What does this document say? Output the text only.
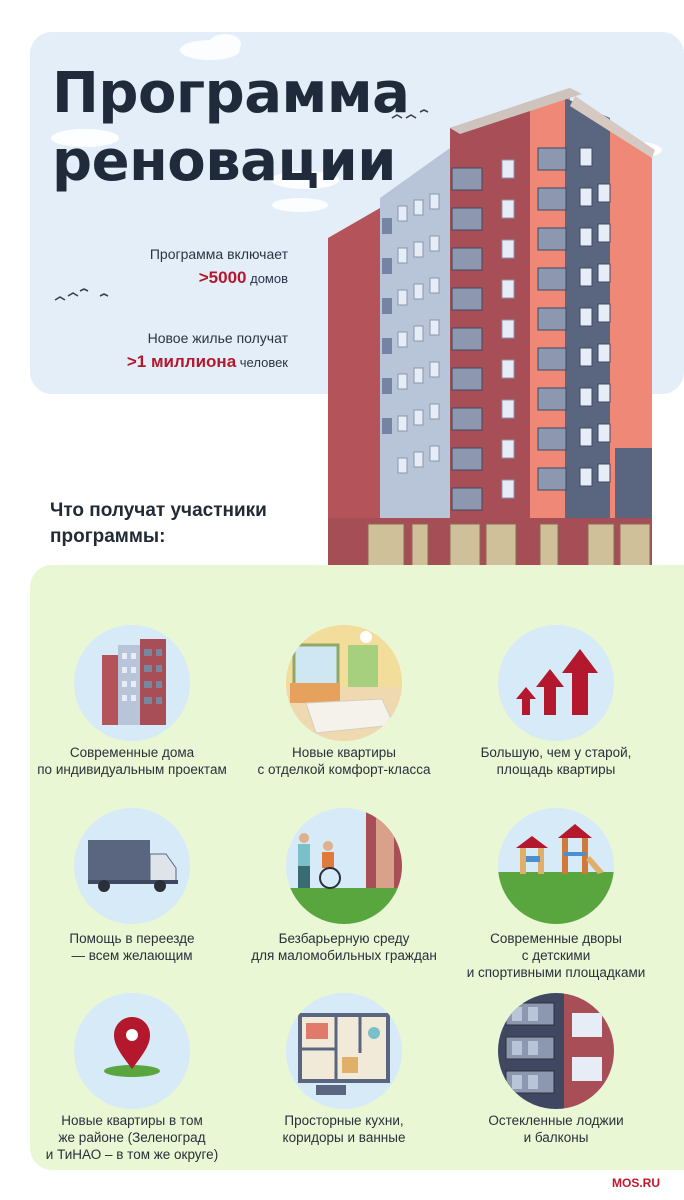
Программа
реновации
Программа включает
>5000 домов
Новое жилье получат
>1 миллиона человек
Что получат участники
программы:
Современные дома
по индивидуальным проектам
Новые квартиры
с отделкой комфорт-класса
Большую, чем у старой,
площадь квартиры
Помощь в переезде
— всем желающим
Безбарьерную среду
для маломобильных граждан
Современные дворы
с детскими
и спортивными площадками
Новые квартиры в том
же районе (Зеленоград
и ТиНАО – в том же округе)
Просторные кухни,
коридоры и ванные
Остекленные лоджии
и балконы
MOS.RU
